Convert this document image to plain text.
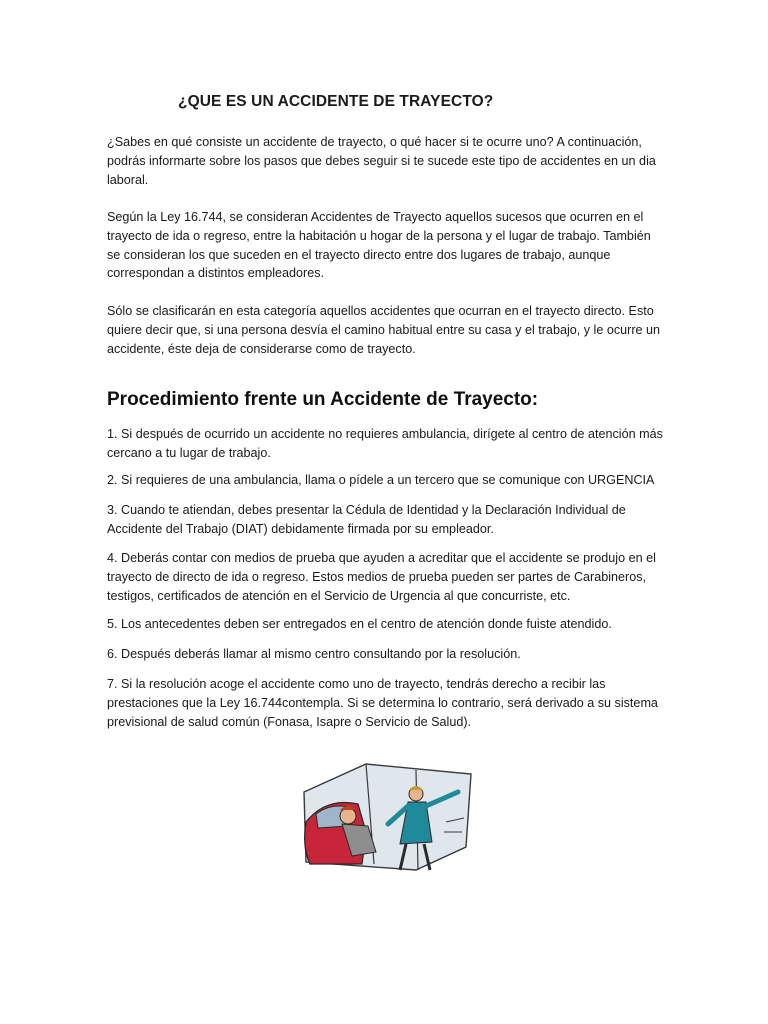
¿QUE ES UN ACCIDENTE DE TRAYECTO?

¿Sabes en qué consiste un accidente de trayecto, o qué hacer si te ocurre uno? A continuación, podrás informarte sobre los pasos que debes seguir si te sucede este tipo de accidentes en un dia laboral.

Según la Ley 16.744, se consideran Accidentes de Trayecto aquellos sucesos que ocurren en el trayecto de ida o regreso, entre la habitación u hogar de la persona y el lugar de trabajo. También se consideran los que suceden en el trayecto directo entre dos lugares de trabajo, aunque correspondan a distintos empleadores.

Sólo se clasificarán en esta categoría aquellos accidentes que ocurran en el trayecto directo. Esto quiere decir que, si una persona desvía el camino habitual entre su casa y el trabajo, y le ocurre un accidente, éste deja de considerarse como de trayecto.

Procedimiento frente un Accidente de Trayecto:
1. Si después de ocurrido un accidente no requieres ambulancia, dirígete al centro de atención más cercano a tu lugar de trabajo.
2. Si requieres de una ambulancia, llama o pídele a un tercero que se comunique con URGENCIA
3. Cuando te atiendan, debes presentar la Cédula de Identidad y la Declaración Individual de Accidente del Trabajo (DIAT) debidamente firmada por su empleador.
4. Deberás contar con medios de prueba que ayuden a acreditar que el accidente se produjo en el trayecto de directo de ida o regreso. Estos medios de prueba pueden ser partes de Carabineros, testigos, certificados de atención en el Servicio de Urgencia al que concurriste, etc.
5. Los antecedentes deben ser entregados en el centro de atención donde fuiste atendido.
6. Después deberás llamar al mismo centro consultando por la resolución.
7. Si la resolución acoge el accidente como uno de trayecto, tendrás derecho a recibir las prestaciones que la Ley 16.744contempla. Si se determina lo contrario, será derivado a su sistema previsional de salud común (Fonasa, Isapre o Servicio de Salud).
